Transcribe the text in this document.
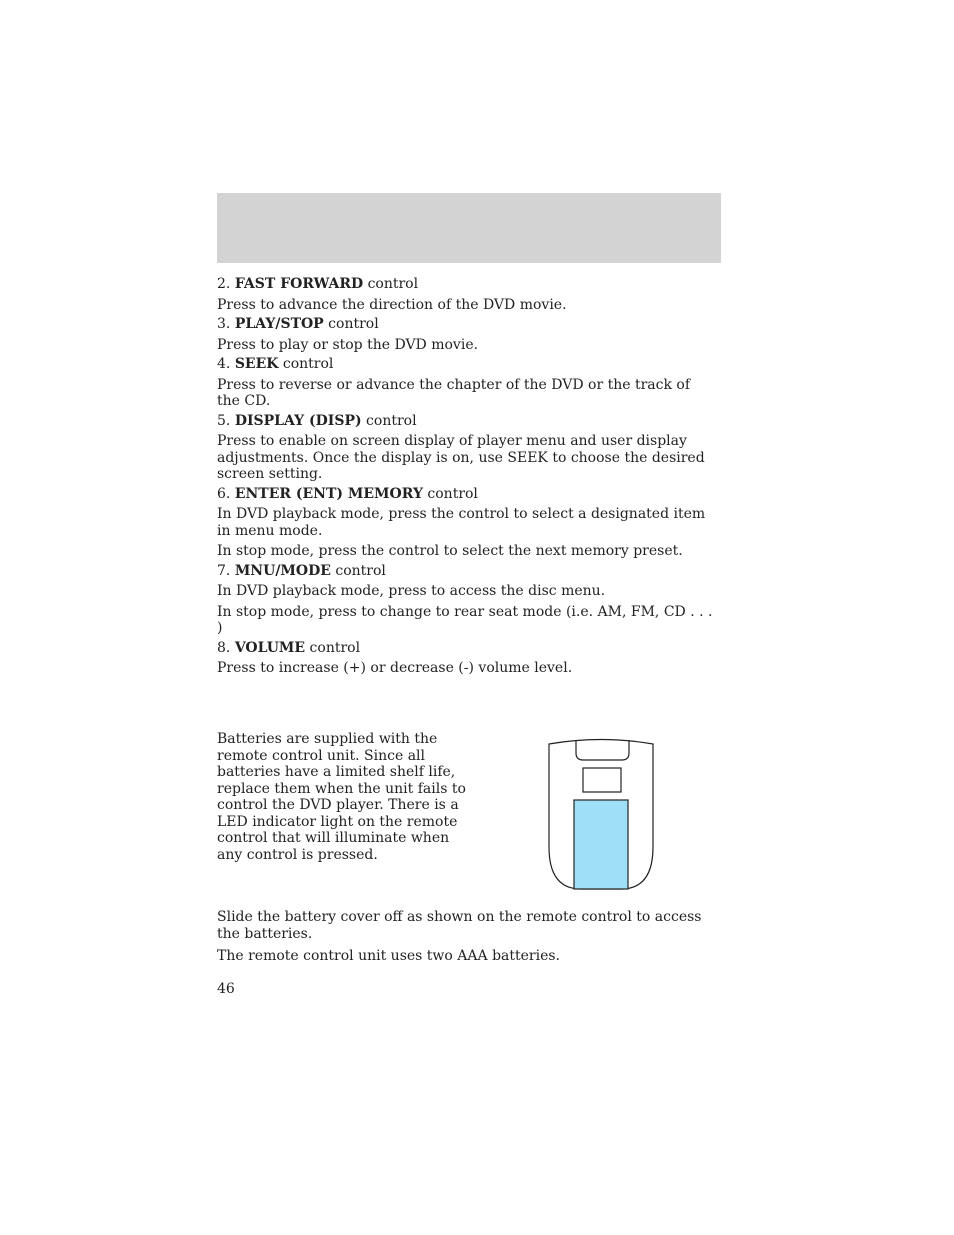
2. FAST FORWARD control

Press to advance the direction of the DVD movie.

3. PLAY/STOP control

Press to play or stop the DVD movie.

4. SEEK control

Press to reverse or advance the chapter of the DVD or the track of the CD.

5. DISPLAY (DISP) control

Press to enable on screen display of player menu and user display adjustments. Once the display is on, use SEEK to choose the desired screen setting.

6. ENTER (ENT) MEMORY control

In DVD playback mode, press the control to select a designated item in menu mode.

In stop mode, press the control to select the next memory preset.

7. MNU/MODE control

In DVD playback mode, press to access the disc menu.

In stop mode, press to change to rear seat mode (i.e. AM, FM, CD . . . )

8. VOLUME control

Press to increase (+) or decrease (-) volume level.

Batteries are supplied with the remote control unit. Since all batteries have a limited shelf life, replace them when the unit fails to control the DVD player. There is a LED indicator light on the remote control that will illuminate when any control is pressed.

Slide the battery cover off as shown on the remote control to access the batteries.

The remote control unit uses two AAA batteries.

46
